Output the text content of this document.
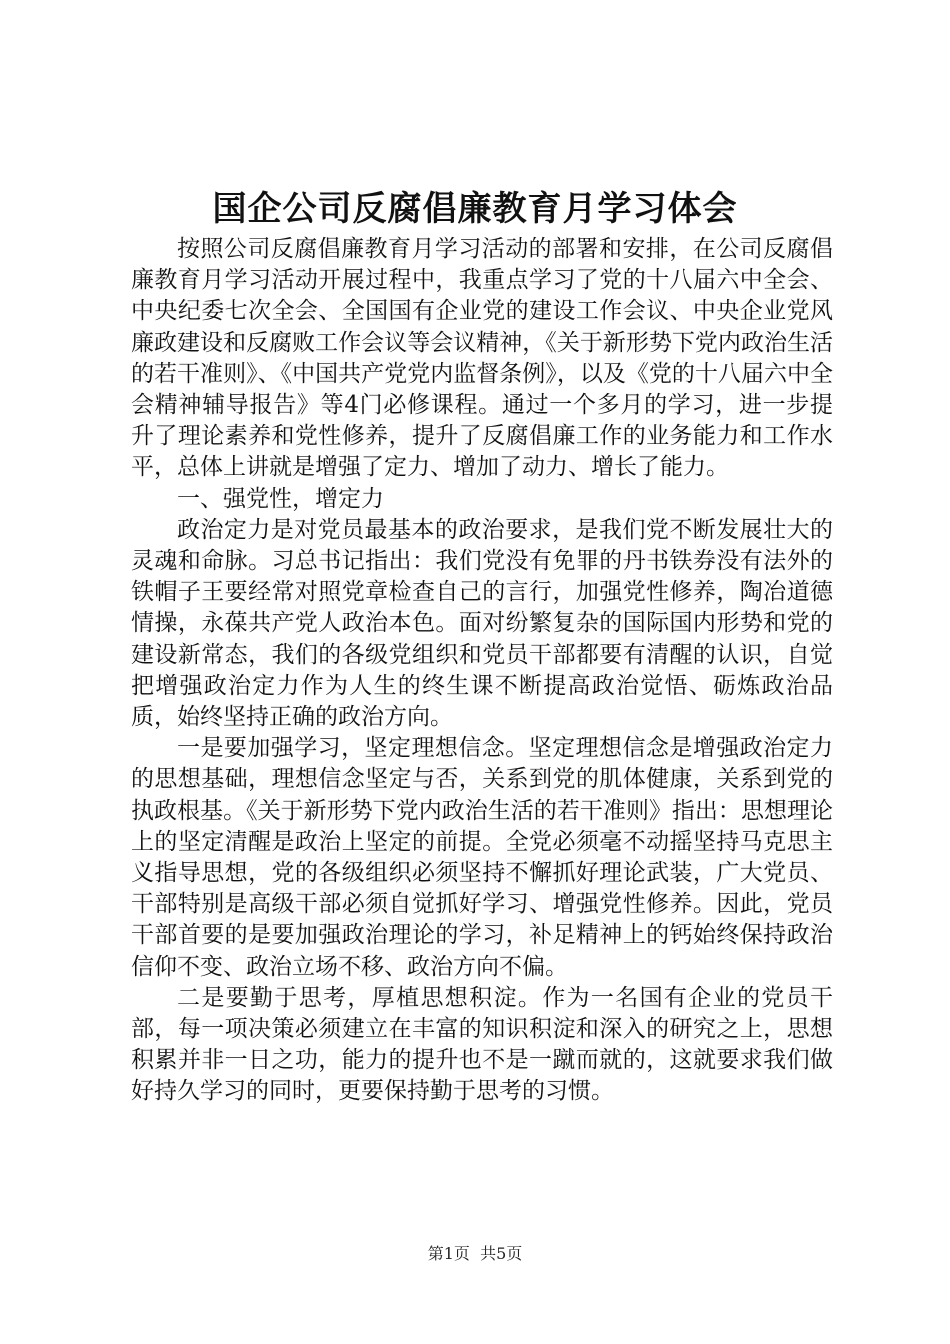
国企公司反腐倡廉教育月学习体会

按照公司反腐倡廉教育月学习活动的部署和安排，在公司反腐倡廉教育月学习活动开展过程中，我重点学习了党的十八届六中全会、中央纪委七次全会、全国国有企业党的建设工作会议、中央企业党风廉政建设和反腐败工作会议等会议精神，《关于新形势下党内政治生活的若干准则》、《中国共产党党内监督条例》，以及《党的十八届六中全会精神辅导报告》等4门必修课程。通过一个多月的学习，进一步提升了理论素养和党性修养，提升了反腐倡廉工作的业务能力和工作水平，总体上讲就是增强了定力、增加了动力、增长了能力。

一、强党性，增定力

政治定力是对党员最基本的政治要求，是我们党不断发展壮大的灵魂和命脉。习总书记指出：我们党没有免罪的丹书铁券没有法外的铁帽子王要经常对照党章检查自己的言行，加强党性修养，陶冶道德情操，永葆共产党人政治本色。面对纷繁复杂的国际国内形势和党的建设新常态，我们的各级党组织和党员干部都要有清醒的认识，自觉把增强政治定力作为人生的终生课不断提高政治觉悟、砺炼政治品质，始终坚持正确的政治方向。

一是要加强学习，坚定理想信念。坚定理想信念是增强政治定力的思想基础，理想信念坚定与否，关系到党的肌体健康，关系到党的执政根基。《关于新形势下党内政治生活的若干准则》指出：思想理论上的坚定清醒是政治上坚定的前提。全党必须毫不动摇坚持马克思主义指导思想，党的各级组织必须坚持不懈抓好理论武装，广大党员、干部特别是高级干部必须自觉抓好学习、增强党性修养。因此，党员干部首要的是要加强政治理论的学习，补足精神上的钙始终保持政治信仰不变、政治立场不移、政治方向不偏。

二是要勤于思考，厚植思想积淀。作为一名国有企业的党员干部，每一项决策必须建立在丰富的知识积淀和深入的研究之上，思想积累并非一日之功，能力的提升也不是一蹴而就的，这就要求我们做好持久学习的同时，更要保持勤于思考的习惯。

第1页  共5页
